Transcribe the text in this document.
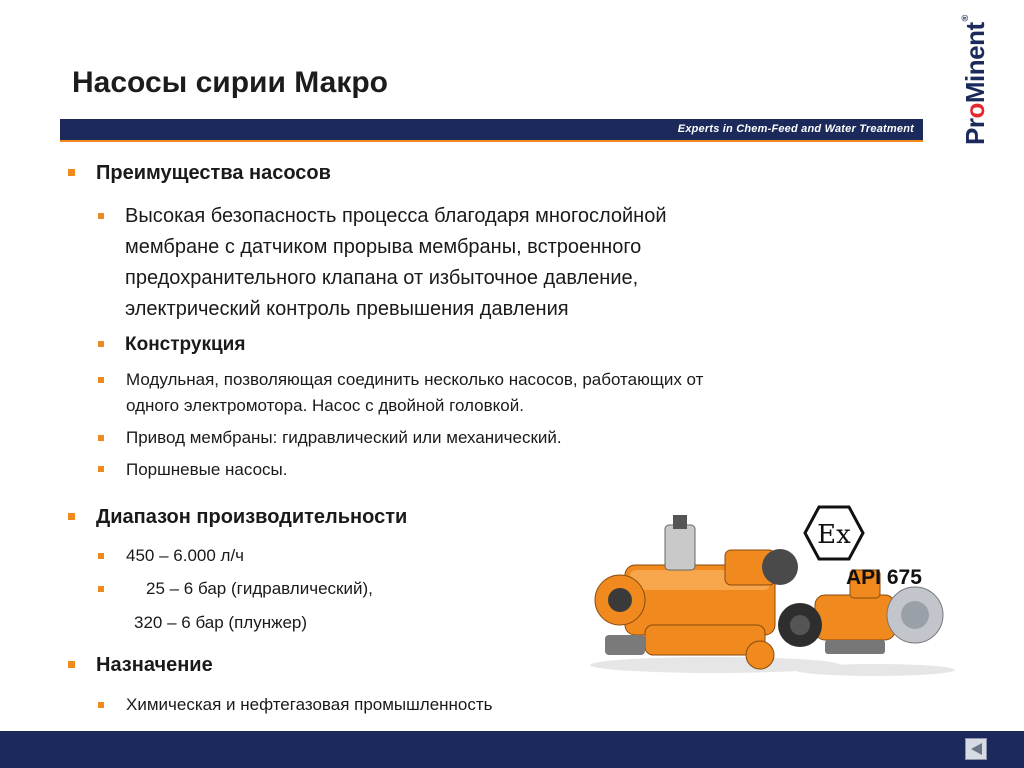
Насосы сирии Макро
Experts in Chem-Feed and Water Treatment ProMinent®
Преимущества насосов
Высокая безопасность процесса благодаря многослойной
мембране с датчиком прорыва мембраны, встроенного
предохранительного клапана от избыточное давление,
электрический контроль превышения давления
Конструкция
Модульная, позволяющая соединить несколько насосов, работающих от
одного электромотора. Насос с двойной головкой.
Привод мембраны: гидравлический или механический.
Поршневые насосы.
Диапазон производительности
450 – 6.000 л/ч
25 – 6 бар (гидравлический),
320 – 6 бар (плунжер)
Назначение
Химическая и нефтегазовая промышленность
Ex
API 675
